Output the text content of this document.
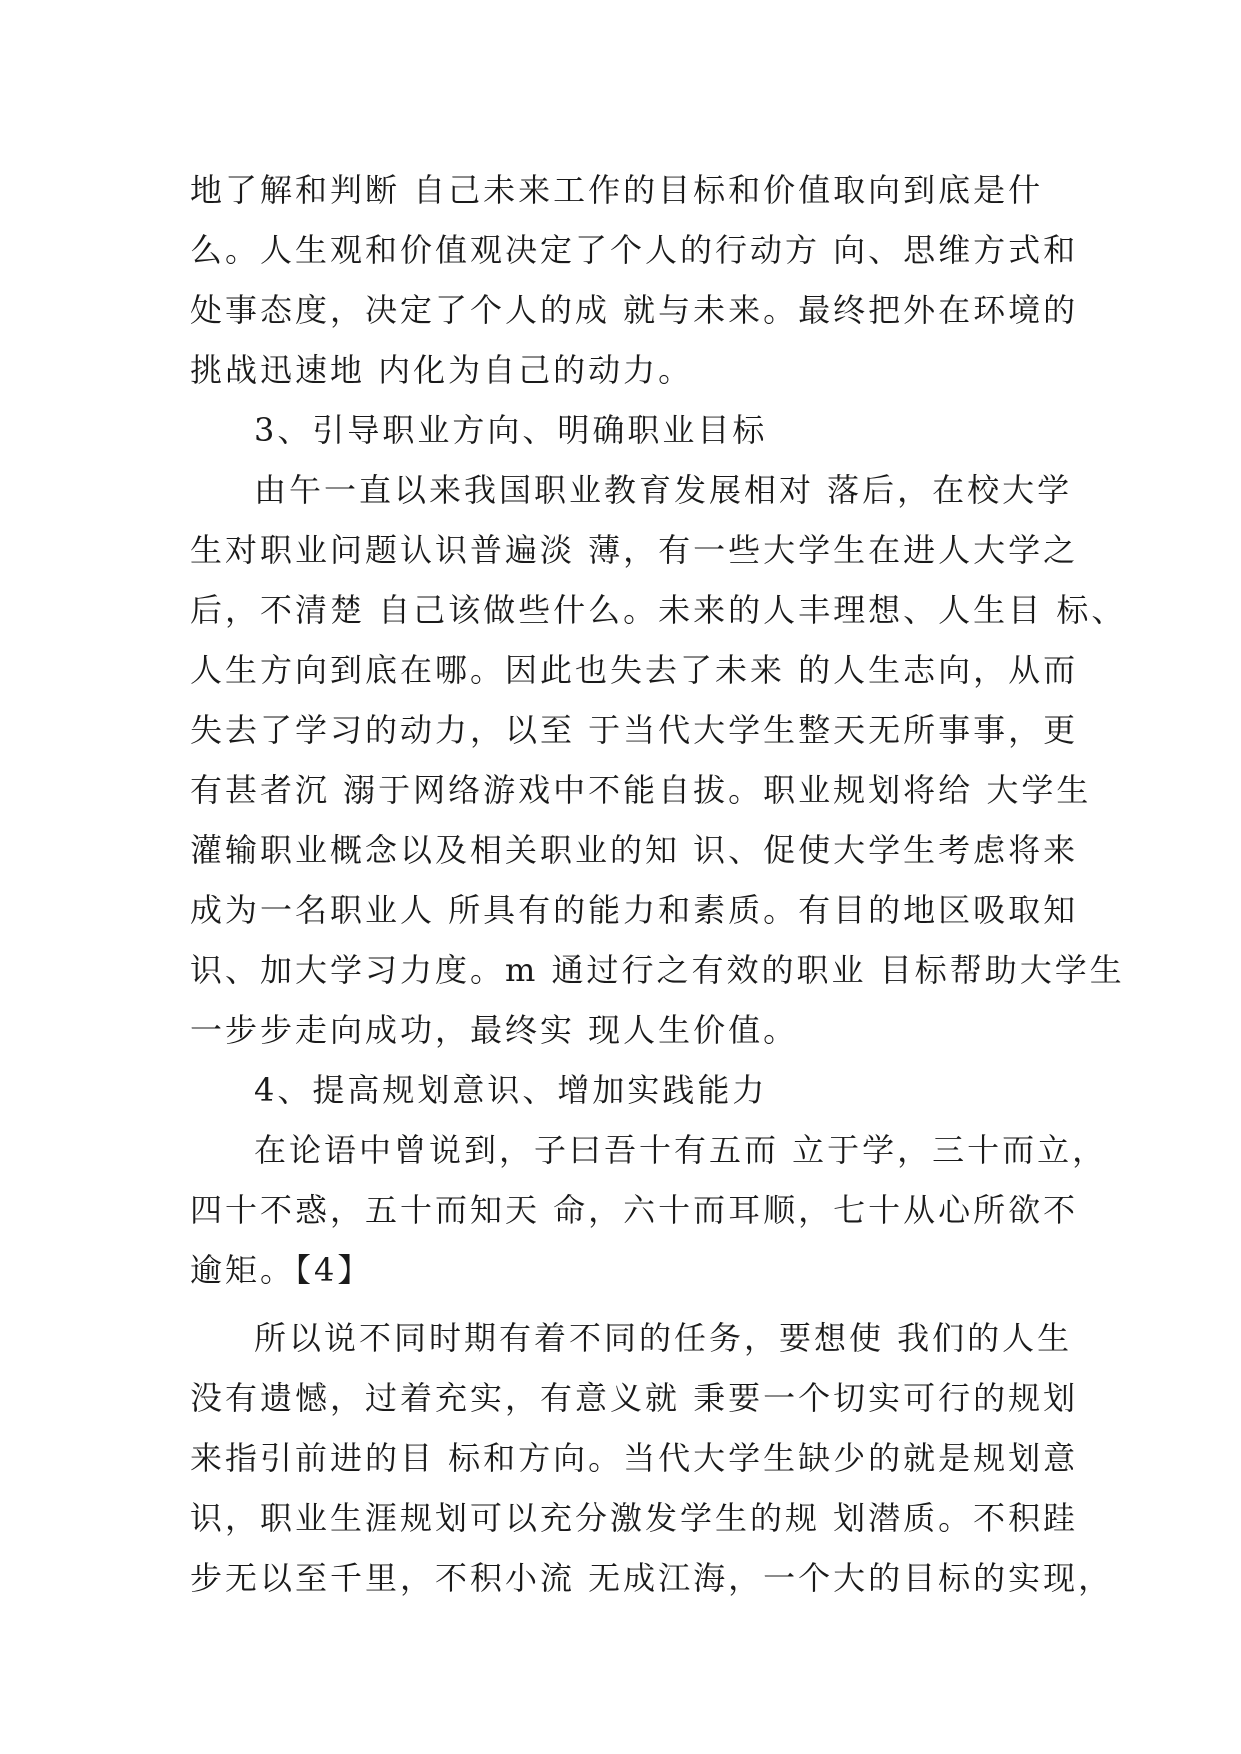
地了解和判断 自己未来工作的目标和价值取向到底是什
么。人生观和价值观决定了个人的行动方 向、思维方式和
处事态度，决定了个人的成 就与未来。最终把外在环境的
挑战迅速地 内化为自己的动力。
3、引导职业方向、明确职业目标
由午一直以来我国职业教育发展相对 落后，在校大学
生对职业问题认识普遍淡 薄，有一些大学生在进人大学之
后，不清楚 自己该做些什么。未来的人丰理想、人生目 标、
人生方向到底在哪。因此也失去了未来 的人生志向，从而
失去了学习的动力，以至 于当代大学生整天无所事事，更
有甚者沉 溺于网络游戏中不能自拔。职业规划将给 大学生
灌输职业概念以及相关职业的知 识、促使大学生考虑将来
成为一名职业人 所具有的能力和素质。有目的地区吸取知
识、加大学习力度。m 通过行之有效的职业 目标帮助大学生
一步步走向成功，最终实 现人生价值。
4、提高规划意识、增加实践能力
在论语中曾说到，子曰吾十有五而 立于学，三十而立，
四十不惑，五十而知天 命，六十而耳顺，七十从心所欲不
逾矩。【4】
所以说不同时期有着不同的任务，要想使 我们的人生
没有遗憾，过着充实，有意义就 秉要一个切实可行的规划
来指引前进的目 标和方向。当代大学生缺少的就是规划意
识，职业生涯规划可以充分激发学生的规 划潜质。不积跬
步无以至千里，不积小流 无成江海，一个大的目标的实现，
